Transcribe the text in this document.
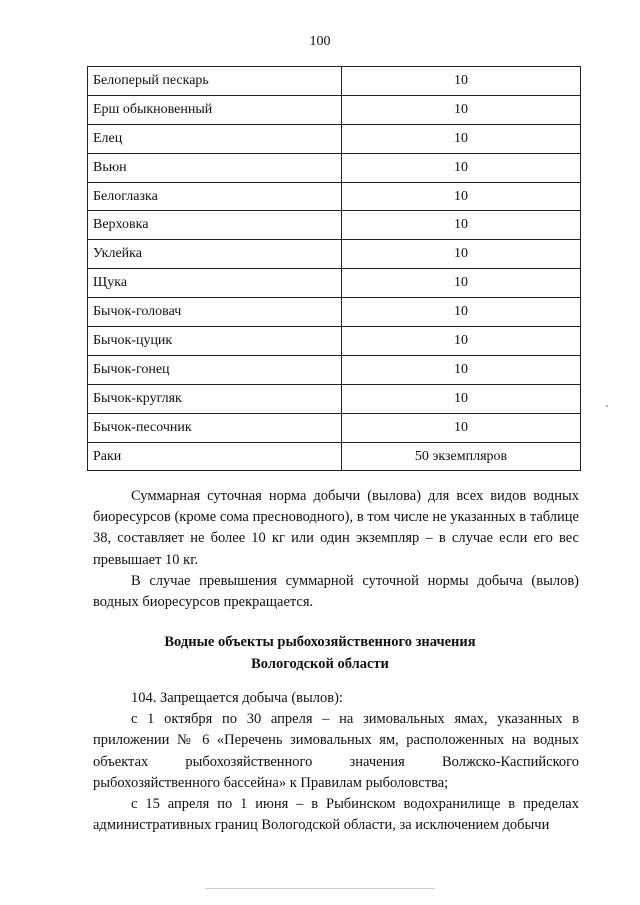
100
Белоперый пескарь	10
Ерш обыкновенный	10
Елец	10
Вьюн	10
Белоглазка	10
Верховка	10
Уклейка	10
Щука	10
Бычок-головач	10
Бычок-цуцик	10
Бычок-гонец	10
Бычок-кругляк	10
Бычок-песочник	10
Раки	50 экземпляров

Суммарная суточная норма добычи (вылова) для всех видов водных биоресурсов (кроме сома пресноводного), в том числе не указанных в таблице 38, составляет не более 10 кг или один экземпляр – в случае если его вес превышает 10 кг.

В случае превышения суммарной суточной нормы добыча (вылов) водных биоресурсов прекращается.

Водные объекты рыбохозяйственного значения
Вологодской области

104. Запрещается добыча (вылов):

с 1 октября по 30 апреля – на зимовальных ямах, указанных в приложении № 6 «Перечень зимовальных ям, расположенных на водных объектах рыбохозяйственного значения Волжско-Каспийского рыбохозяйственного бассейна» к Правилам рыболовства;

с 15 апреля по 1 июня – в Рыбинском водохранилище в пределах административных границ Вологодской области, за исключением добычи
